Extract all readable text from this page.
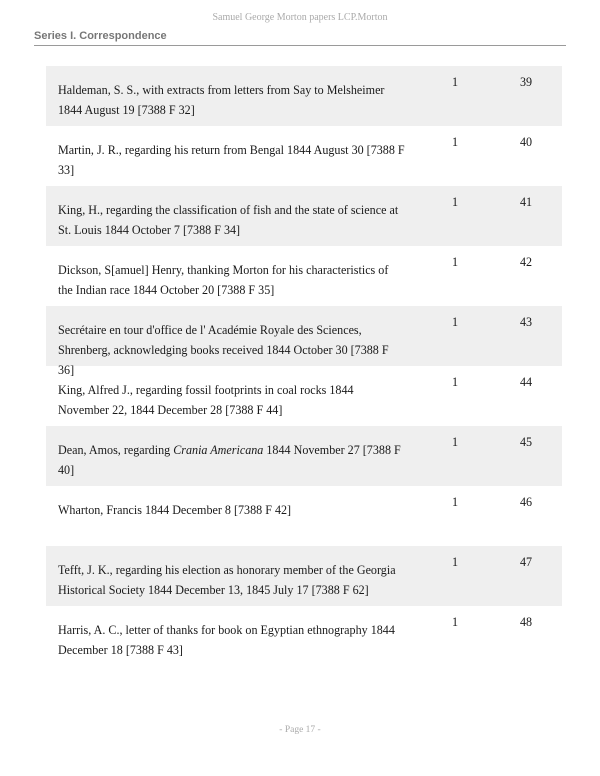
Samuel George Morton papers LCP.Morton
Series I. Correspondence
Haldeman, S. S., with extracts from letters from Say to Melsheimer 1844 August 19 [7388 F 32]
1	39
Martin, J. R., regarding his return from Bengal 1844 August 30 [7388 F 33]
1	40
King, H., regarding the classification of fish and the state of science at St. Louis 1844 October 7 [7388 F 34]
1	41
Dickson, S[amuel] Henry, thanking Morton for his characteristics of the Indian race 1844 October 20 [7388 F 35]
1	42
Secrétaire en tour d'office de l' Académie Royale des Sciences, Shrenberg, acknowledging books received 1844 October 30 [7388 F 36]
1	43
King, Alfred J., regarding fossil footprints in coal rocks 1844 November 22, 1844 December 28 [7388 F 44]
1	44
Dean, Amos, regarding Crania Americana 1844 November 27 [7388 F 40]
1	45
Wharton, Francis 1844 December 8 [7388 F 42]
1	46
Tefft, J. K., regarding his election as honorary member of the Georgia Historical Society 1844 December 13, 1845 July 17 [7388 F 62]
1	47
Harris, A. C., letter of thanks for book on Egyptian ethnography 1844 December 18 [7388 F 43]
1	48
- Page 17 -
